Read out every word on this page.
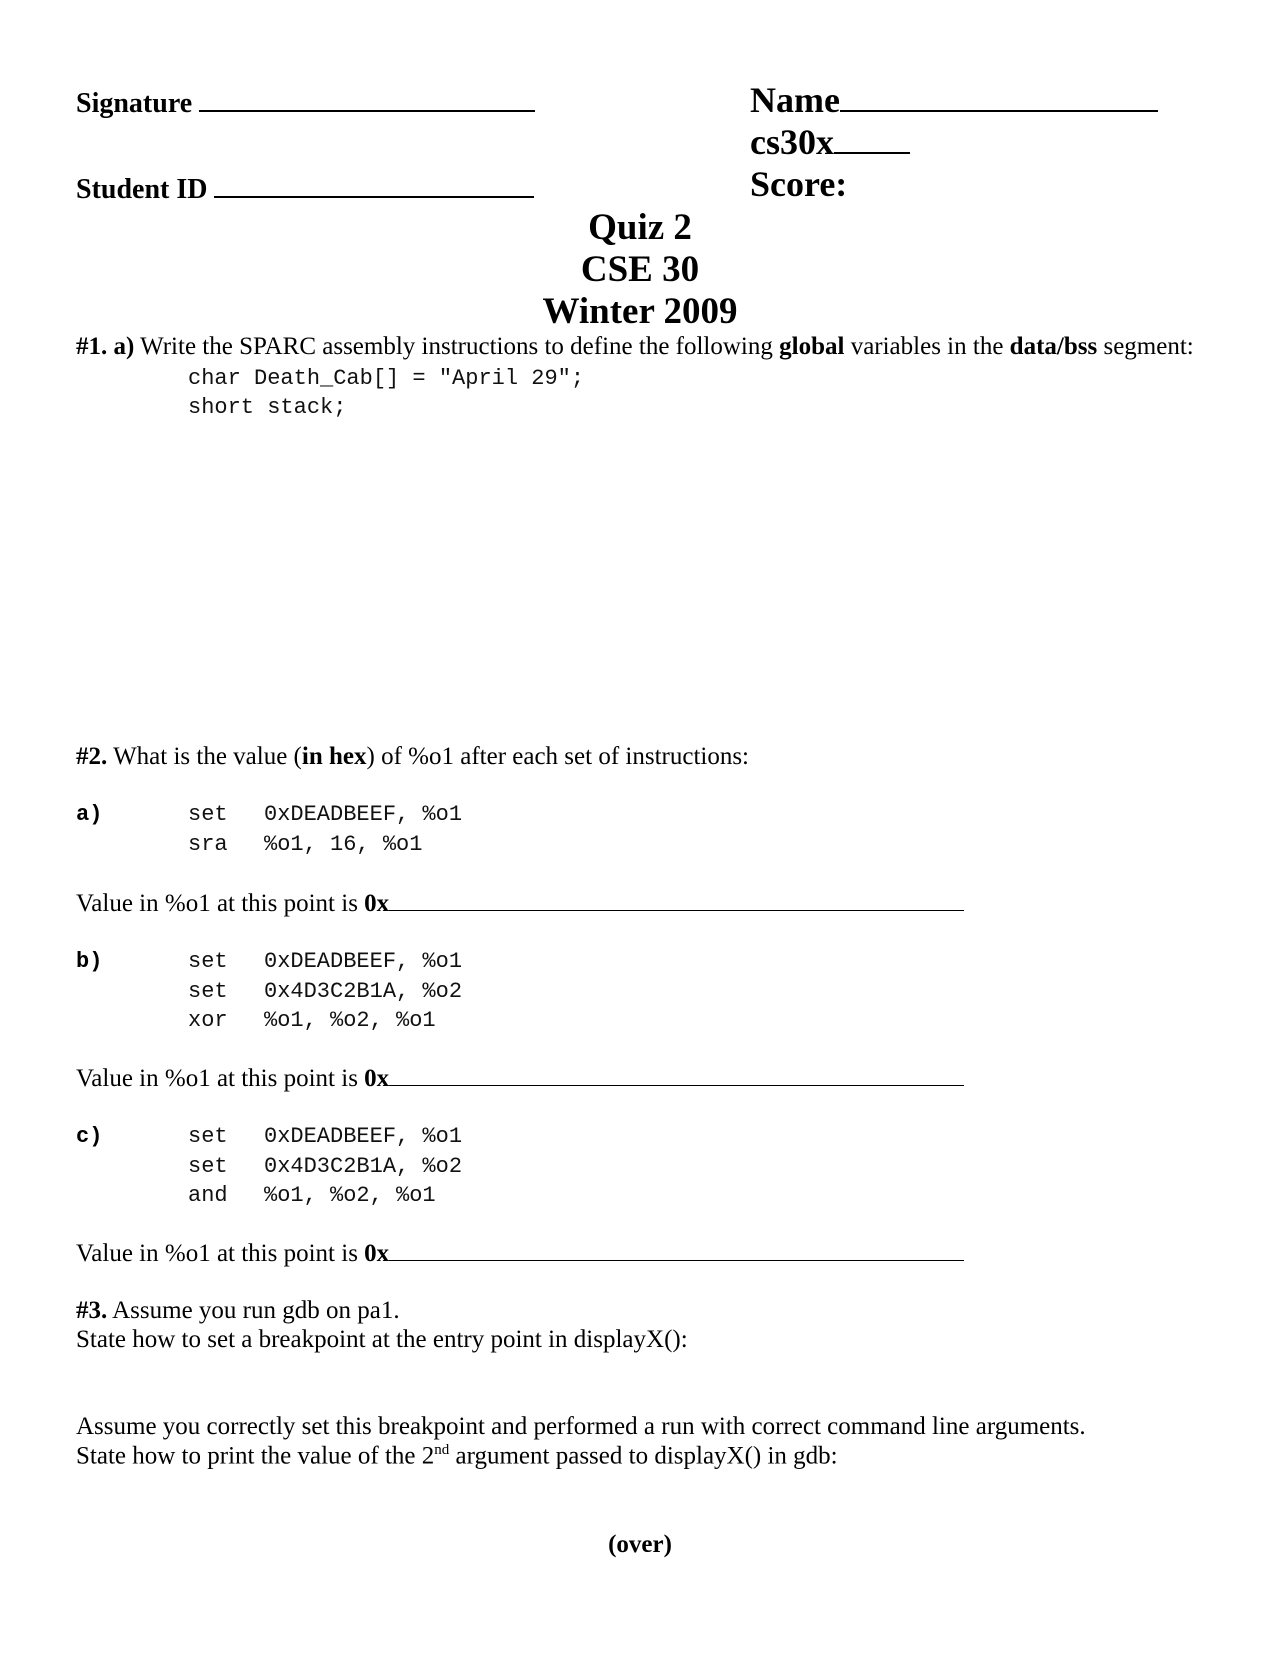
Signature
Student ID
Name
cs30x
Score:
Quiz 2
CSE 30
Winter 2009
#1. a) Write the SPARC assembly instructions to define the following global variables in the data/bss segment:
char Death_Cab[] = "April 29";
short stack;
#2. What is the value (in hex) of %o1 after each set of instructions:
a)	set 0xDEADBEEF, %o1
sra %o1, 16, %o1
Value in %o1 at this point is 0x
b)	set 0xDEADBEEF, %o1
set 0x4D3C2B1A, %o2
xor %o1, %o2, %o1
Value in %o1 at this point is 0x
c)	set 0xDEADBEEF, %o1
set 0x4D3C2B1A, %o2
and %o1, %o2, %o1
Value in %o1 at this point is 0x
#3. Assume you run gdb on pa1.
State how to set a breakpoint at the entry point in displayX():
Assume you correctly set this breakpoint and performed a run with correct command line arguments.
State how to print the value of the 2nd argument passed to displayX() in gdb:
(over)
